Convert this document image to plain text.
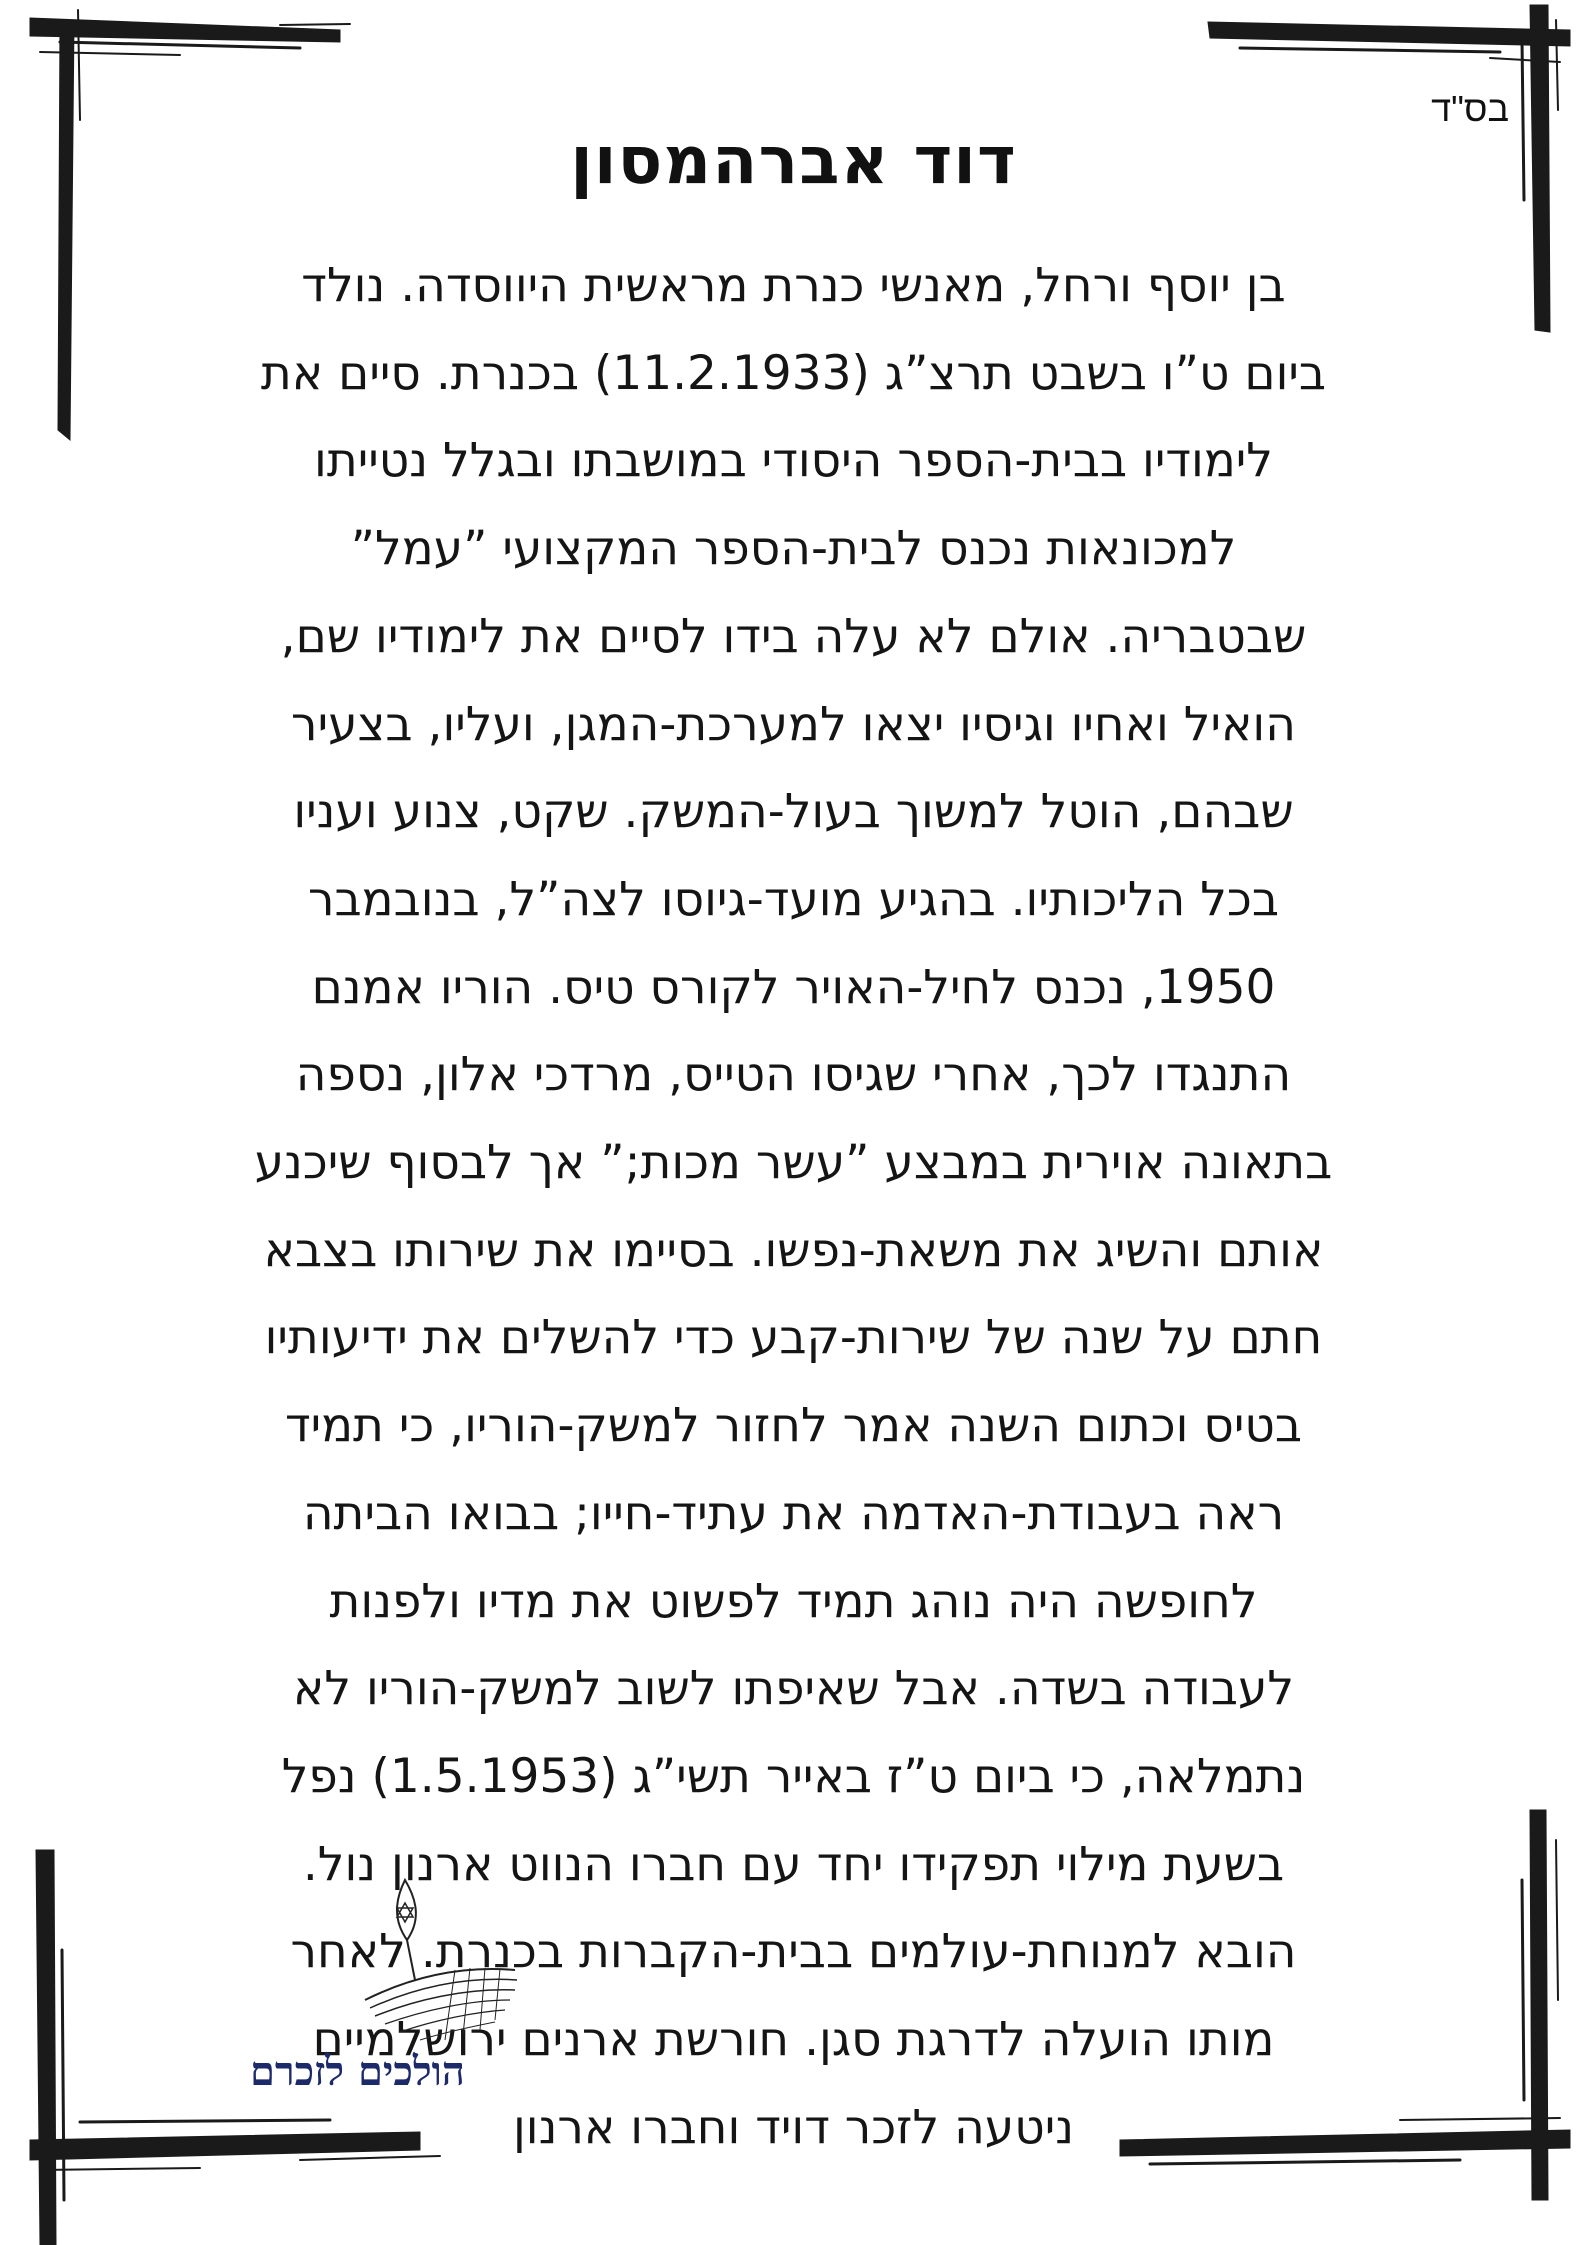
בס"ד
דוד אברהמסון
בן יוסף ורחל, מאנשי כנרת מראשית היווסדה. נולד
ביום ט”ו בשבט תרצ”ג (11.2.1933) בכנרת. סיים את
לימודיו בבית-הספר היסודי במושבתו ובגלל נטייתו
למכונאות נכנס לבית-הספר המקצועי ”עמל”
שבטבריה. אולם לא עלה בידו לסיים את לימודיו שם,
הואיל ואחיו וגיסיו יצאו למערכת-המגן, ועליו, בצעיר
שבהם, הוטל למשוך בעול-המשק. שקט, צנוע ועניו
בכל הליכותיו. בהגיע מועד-גיוסו לצה”ל, בנובמבר
1950, נכנס לחיל-האויר לקורס טיס. הוריו אמנם
התנגדו לכך, אחרי שגיסו הטייס, מרדכי אלון, נספה
בתאונה אוירית במבצע ”עשר מכות;” אך לבסוף שיכנע
אותם והשיג את משאת-נפשו. בסיימו את שירותו בצבא
חתם על שנה של שירות-קבע כדי להשלים את ידיעותיו
בטיס וכתום השנה אמר לחזור למשק-הוריו, כי תמיד
ראה בעבודת-האדמה את עתיד-חייו; בבואו הביתה
לחופשה היה נוהג תמיד לפשוט את מדיו ולפנות
לעבודה בשדה. אבל שאיפתו לשוב למשק-הוריו לא
נתמלאה, כי ביום ט”ז באייר תשי”ג (1.5.1953) נפל
בשעת מילוי תפקידו יחד עם חברו הנווט ארנון נול.
הובא למנוחת-עולמים בבית-הקברות בכנרת. לאחר
מותו הועלה לדרגת סגן. חורשת ארנים ירושלמיים
ניטעה לזכר דויד וחברו ארנון
הולכים לזכרם
